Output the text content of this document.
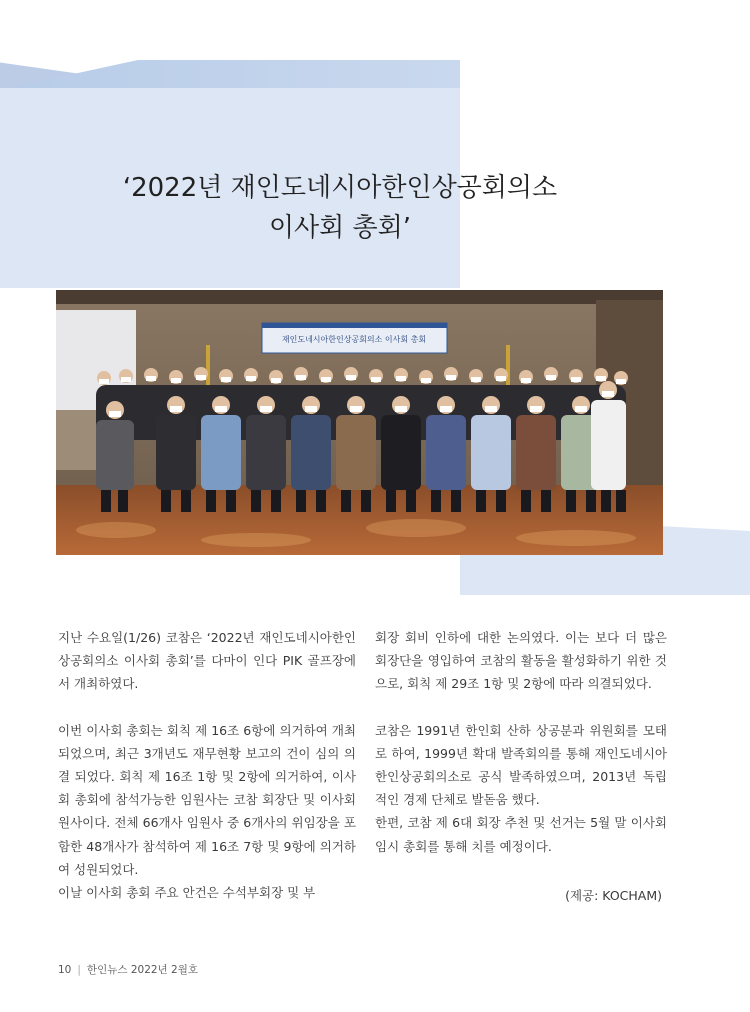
‘2022년 재인도네시아한인상공회의소
이사회 총회’
재인도네시아한인상공회의소 이사회 총회

지난 수요일(1/26) 코참은 ‘2022년 재인도네시아한인상공회의소 이사회 총회’를 다마이 인다 PIK 골프장에서 개최하였다.

이번 이사회 총회는 회칙 제 16조 6항에 의거하여 개최 되었으며, 최근 3개년도 재무현황 보고의 건이 심의 의결 되었다. 회칙 제 16조 1항 및 2항에 의거하여, 이사회 총회에 참석가능한 임원사는 코참 회장단 및 이사회원사이다. 전체 66개사 임원사 중 6개사의 위임장을 포함한 48개사가 참석하여 제 16조 7항 및 9항에 의거하여 성원되었다.

이날 이사회 총회 주요 안건은 수석부회장 및 부

회장 회비 인하에 대한 논의였다. 이는 보다 더 많은 회장단을 영입하여 코참의 활동을 활성화하기 위한 것으로, 회칙 제 29조 1항 및 2항에 따라 의결되었다.

코참은 1991년 한인회 산하 상공분과 위원회를 모태로 하여, 1999년 확대 발족회의를 통해 재인도네시아한인상공회의소로 공식 발족하였으며, 2013년 독립적인 경제 단체로 발돋움 했다.

한편, 코참 제 6대 회장 추천 및 선거는 5월 말 이사회 임시 총회를 통해 치를 예정이다.

(제공: KOCHAM)
10 | 한인뉴스 2022년 2월호
